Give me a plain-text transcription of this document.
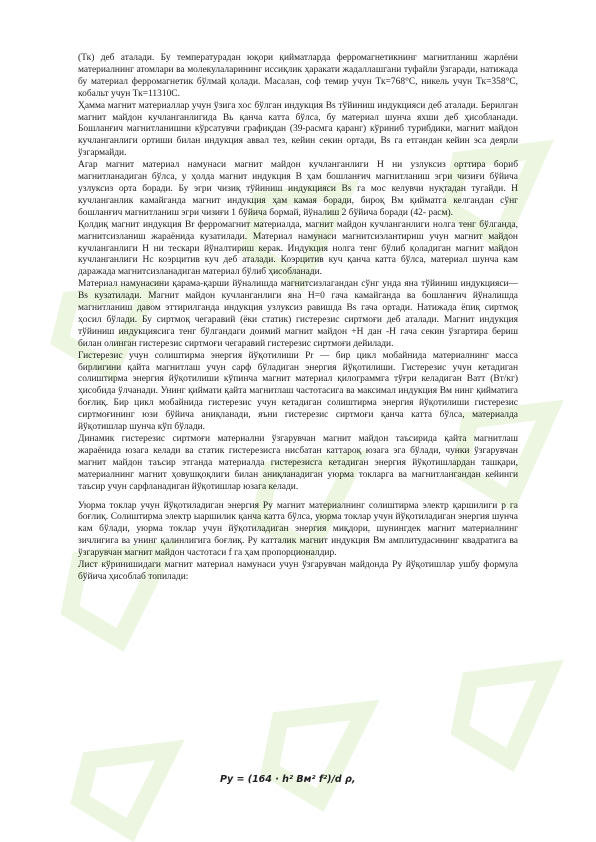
(Тк) деб аталади. Бу температурадан юқори қийматларда ферромагнетикнинг магнитланиш жарлёни материалнинг атомлари ва молекулаларининг иссиқлик ҳаракати жадаллашгани туфайли ўзгаради, натижада бу материал ферромагнетик бўлмай қолади. Масалан, соф темир учун Тк=768°С, никель учун Тк=358°С, кобальт учун Тк=11310С.

Ҳамма магнит материаллар учун ўзига хос бўлган индукция Вs тўйиниш индукцияси деб аталади. Берилган магнит майдон кучланганлигида Вь қанча катта бўлса, бу материал шунча яхши деб ҳисобланади. Бошланғич магнитланишни кўрсатувчи графиқдан (39-расмга қаранг) кўриниб турибдики, магнит майдон кучланганлиги ортиши билан индукция аввал тез, кейин секин ортади, Вs га етгандан кейин эса деярли ўзгармайди.

Агар магнит материал намунаси магнит майдон кучланганлиги Н ни узлуксиз орттира бориб магнитланадиган бўлса, у ҳолда магнит индукция В ҳам бошланғич магнитланиш эгри чизиғи бўйича узлуксиз орта боради. Бу эгри чизиқ тўйиниш индукцияси Вs га мос келувчи нуқтадан тугайди. Н кучланганлик камайганда магнит индукция ҳам камая боради, бироқ Вм қийматга келгандан сўнг бошланғич магнитланиш эгри чизиғи 1 бўйича бормай, йўналиш 2 бўйича боради (42- расм).

Қолдиқ магнит индукция Вr ферромагнит материалда, магнит майдон кучланганлиги нолга тенг бўлганда, магнитсизланиш жараёнида кузатилади. Материал намунаси магнитсизлантириш учун магнит майдон кучланганлиги Н ни тескари йўналтириш керак. Индукция нолга тенг бўлиб қоладиган магнит майдон кучланганлиги Нс коэрцитив куч деб аталади. Коэрцитив куч қанча катта бўлса, материал шунча кам даражада магнитсизланадиган материал бўлиб ҳисобланади.

Материал намунасини қарама-қарши йўналишда магнитсизлагандан сўнг унда яна тўйиниш индукцияси—Вs кузатилади. Магнит майдон кучланганлиги яна Н=0 гача камайганда ва бошланғич йўналишда магнитланиш давом эттирилганда индукция узлуксиз равишда Вs гача ортади. Натижада ёпиқ сиртмоқ ҳосил бўлади. Бу сиртмоқ чегаравий (ёки статик) гистерезис сиртмоғи деб аталади. Магнит индукция тўйиниш индукциясига тенг бўлгандаги доимий магнит майдон +Н дан -Н гача секин ўзгартира бериш билан олинган гистерезис сиртмоғи чегаравий гистерезис сиртмоғи дейилади.

Гистерезис учун солиштирма энергия йўқотилиши Рr — бир цикл мобайнида материалнинг масса бирлигини қайта магнитлаш учун сарф бўладиган энергия йўқотилиши. Гистерезис учун кетадиган солиштирма энергия йўқотилиши кўпинча магнит материал қилограммга тўғри келадиган Ватт (Вт/кг) ҳисобида ўлчанади. Унинг қиймати қайта магнитлаш частотасига ва максимал индукция Вм нинг қийматига боғлиқ. Бир цикл мобайнида гистерезис учун кетадиган солиштирма энергия йўқотилиши гистерезис сиртмоғининг юзи бўйича аниқланади, яъни гистерезис сиртмоғи қанча катта бўлса, материалда йўқотишлар шунча кўп бўлади.

Динамик гистерезис сиртмоғи материални ўзгарувчан магнит майдон таъсирида қайта магнитлаш жараёнида юзага келади ва статик гистерезисга нисбатан каттароқ юзага эга бўлади, чунки ўзгарувчан магнит майдон таъсир этганда материалда гистерезисга кетадиган энергия йўқотишлардан ташқари, материалнинг магнит ҳовушқоқлиги билан аниқланадиган уюрма токларга ва магнитлангандан кейинги таъсир учун сарфланадиган йўқотишлар юзага келади.

Уюрма токлар учун йўқотиладиган энергия Ру магнит материалнинг солиштирма электр қаршилиги р га боғлиқ. Солиштирма электр ыаршилик қанча катта бўлса, уюрма токлар учун йўқотиладиган энергия шунча кам бўлади, уюрма токлар учун йўқотиладиган энергия миқдори, шунингдек магнит материалнинг зичлигига ва унинг қалинлигига боғлиқ. Ру катталик магнит индукция Вм амплитудасининг квадратига ва ўзгарувчан магнит майдон частотаси f га ҳам пропорционалдир.

Лист кўринишидаги магнит материал намунаси учун ўзгарувчан майдонда Ру йўқотишлар ушбу формула бўйича ҳисоблаб топилади:

Pу = (164 · h² Bм² f²)/d ρ,
